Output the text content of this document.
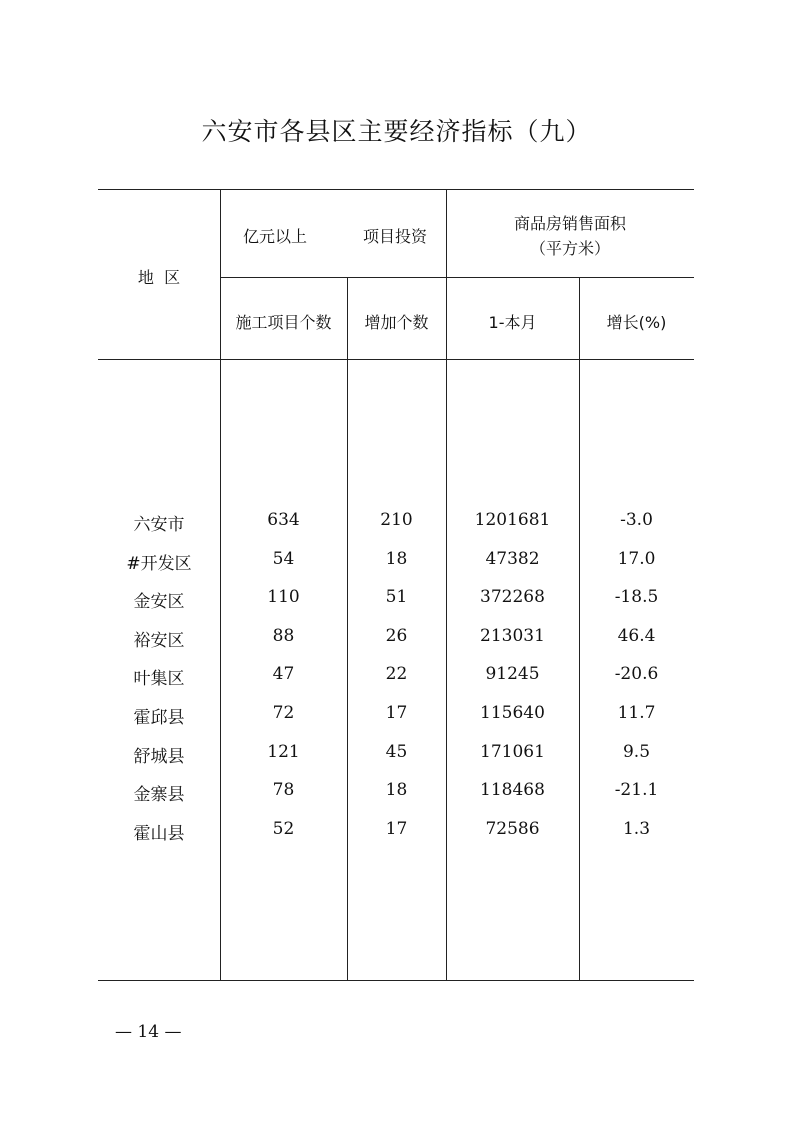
六安市各县区主要经济指标（九）
地  区
亿元以上	项目投资
商品房销售面积
（平方米）
施工项目个数	增加个数	1-本月	增长(%)
六安市	634	210	1201681	-3.0
#开发区	54	18	47382	17.0
金安区	110	51	372268	-18.5
裕安区	88	26	213031	46.4
叶集区	47	22	91245	-20.6
霍邱县	72	17	115640	11.7
舒城县	121	45	171061	9.5
金寨县	78	18	118468	-21.1
霍山县	52	17	72586	1.3
— 14 —
